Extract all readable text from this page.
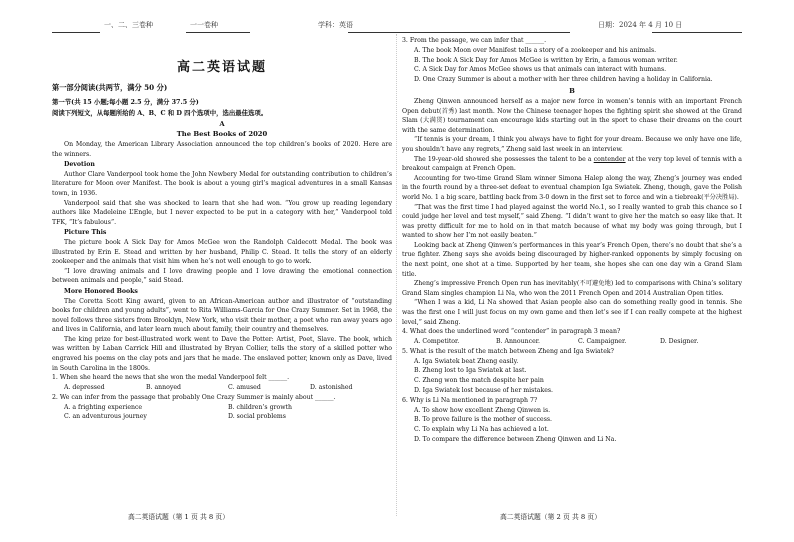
一、二、三卷种	一一卷种	学科：英语	日期：2024 年 4 月 10 日
高二英语试题
第一部分阅读(共两节，满分 50 分)
第一节(共 15 小题;每小题 2.5 分，满分 37.5 分)
阅读下列短文，从每题所给的 A、B、C 和 D 四个选项中，选出最佳选项。
A
The Best Books of 2020

On Monday, the American Library Association announced the top children’s books of 2020. Here are the winners.

Devotion

Author Clare Vanderpool took home the John Newbery Medal for outstanding contribution to children’s literature for Moon over Manifest. The book is about a young girl’s magical adventures in a small Kansas town, in 1936.

Vanderpool said that she was shocked to learn that she had won. “You grow up reading legendary authors like Madeleine L’Engle, but I never expected to be put in a category with her,” Vanderpool told TFK, “It’s fabulous”.

Picture This

The picture book A Sick Day for Amos McGee won the Randolph Caldecott Medal. The book was illustrated by Erin E. Stead and written by her husband, Philip C. Stead. It tells the story of an elderly zookeeper and the animals that visit him when he’s not well enough to go to work.

“I love drawing animals and I love drawing people and I love drawing the emotional connection between animals and people,” said Stead.

More Honored Books

The Coretta Scott King award, given to an African-American author and illustrator of “outstanding books for children and young adults”, went to Rita Williams-Garcia for One Crazy Summer. Set in 1968, the novel follows three sisters from Brooklyn, New York, who visit their mother, a poet who ran away years ago and lives in California, and later learn much about family, their country and themselves.

The king prize for best-illustrated work went to Dave the Potter: Artist, Poet, Slave. The book, which was written by Laban Carrick Hill and illustrated by Bryan Collier, tells the story of a skilled potter who engraved his poems on the clay pots and jars that he made. The enslaved potter, known only as Dave, lived in South Carolina in the 1800s.

1. When she heard the news that she won the medal Vanderpool felt ______.

A. depressed	B. annoyed	C. amused	D. astonished

2. We can infer from the passage that probably One Crazy Summer is mainly about ______.

A. a frighting experience	B. children’s growth
C. an adventurous journey	D. social problems

3. From the passage, we can infer that ______.

A. The book Moon over Manifest tells a story of a zookeeper and his animals.

B. The book A Sick Day for Amos McGee is written by Erin, a famous woman writer.

C. A Sick Day for Amos McGee shows us that animals can interact with humans.

D. One Crazy Summer is about a mother with her three children having a holiday in California.

B

Zheng Qinwen announced herself as a major new force in women’s tennis with an important French Open debut(首秀) last month. Now the Chinese teenager hopes the fighting spirit she showed at the Grand Slam (大满贯) tournament can encourage kids starting out in the sport to chase their dreams on the court with the same determination.

“If tennis is your dream, I think you always have to fight for your dream. Because we only have one life, you shouldn’t have any regrets,” Zheng said last week in an interview.

The 19-year-old showed she possesses the talent to be a contender at the very top level of tennis with a breakout campaign at French Open.

Accounting for two-time Grand Slam winner Simona Halep along the way, Zheng’s journey was ended in the fourth round by a three-set defeat to eventual champion Iga Swiatek. Zheng, though, gave the Polish world No. 1 a big scare, battling back from 3-0 down in the first set to force and win a tiebreak(平分决胜局).

“That was the first time I had played against the world No.1, so I really wanted to grab this chance so I could judge her level and test myself,” said Zheng. “I didn’t want to give her the match so easy like that. It was pretty difficult for me to hold on in that match because of what my body was going through, but I wanted to show her I’m not easily beaten.”

Looking back at Zheng Qinwen’s performances in this year’s French Open, there’s no doubt that she’s a true fighter. Zheng says she avoids being discouraged by higher-ranked opponents by simply focusing on the next point, one shot at a time. Supported by her team, she hopes she can one day win a Grand Slam title.

Zheng’s impressive French Open run has inevitably(不可避免地) led to comparisons with China’s solitary Grand Slam singles champion Li Na, who won the 2011 French Open and 2014 Australian Open titles.

“When I was a kid, Li Na showed that Asian people also can do something really good in tennis. She was the first one I will just focus on my own game and then let’s see if I can really compete at the highest level,” said Zheng.

4. What does the underlined word “contender” in paragraph 3 mean?

A. Competitor.	B. Announcer.	C. Campaigner.	D. Designer.

5. What is the result of the match between Zheng and Iga Swiatek?

A. Iga Swiatek beat Zheng easily.

B. Zheng lost to Iga Swiatek at last.

C. Zheng won the match despite her pain

D. Iga Swiatek lost because of her mistakes.

6. Why is Li Na mentioned in paragraph 7?

A. To show how excellent Zheng Qinwen is.

B. To prove failure is the mother of success.

C. To explain why Li Na has achieved a lot.

D. To compare the difference between Zheng Qinwen and Li Na.

高二英语试题（第 1 页 共 8 页）	高二英语试题（第 2 页 共 8 页）
